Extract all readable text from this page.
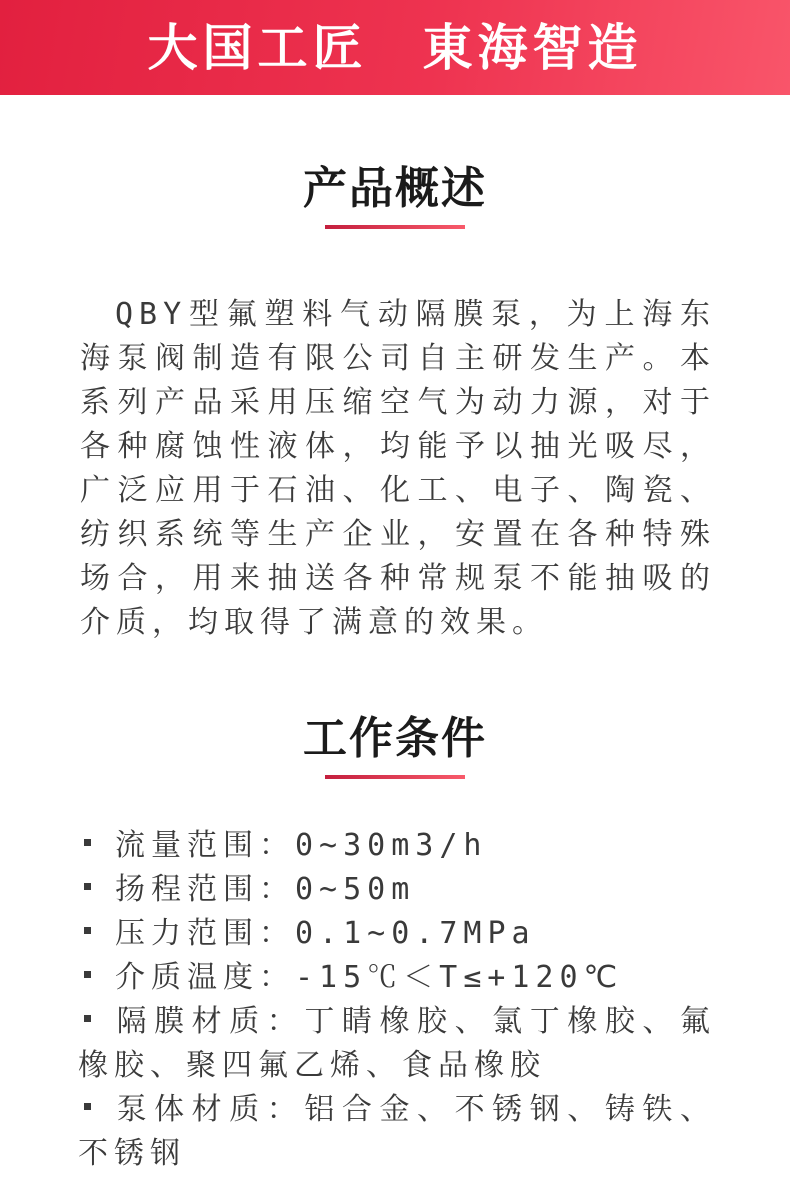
大国工匠　東海智造
产品概述

QBY型氟塑料气动隔膜泵，为上海东海泵阀制造有限公司自主研发生产。本系列产品采用压缩空气为动力源，对于各种腐蚀性液体，均能予以抽光吸尽，广泛应用于石油、化工、电子、陶瓷、纺织系统等生产企业，安置在各种特殊场合，用来抽送各种常规泵不能抽吸的介质，均取得了满意的效果。

工作条件
流量范围：0~30m3/h
扬程范围：0~50m
压力范围：0.1~0.7MPa
介质温度：-15℃＜T≤+120℃
隔膜材质：丁睛橡胶、氯丁橡胶、氟橡胶、聚四氟乙烯、食品橡胶
泵体材质：铝合金、不锈钢、铸铁、不锈钢
